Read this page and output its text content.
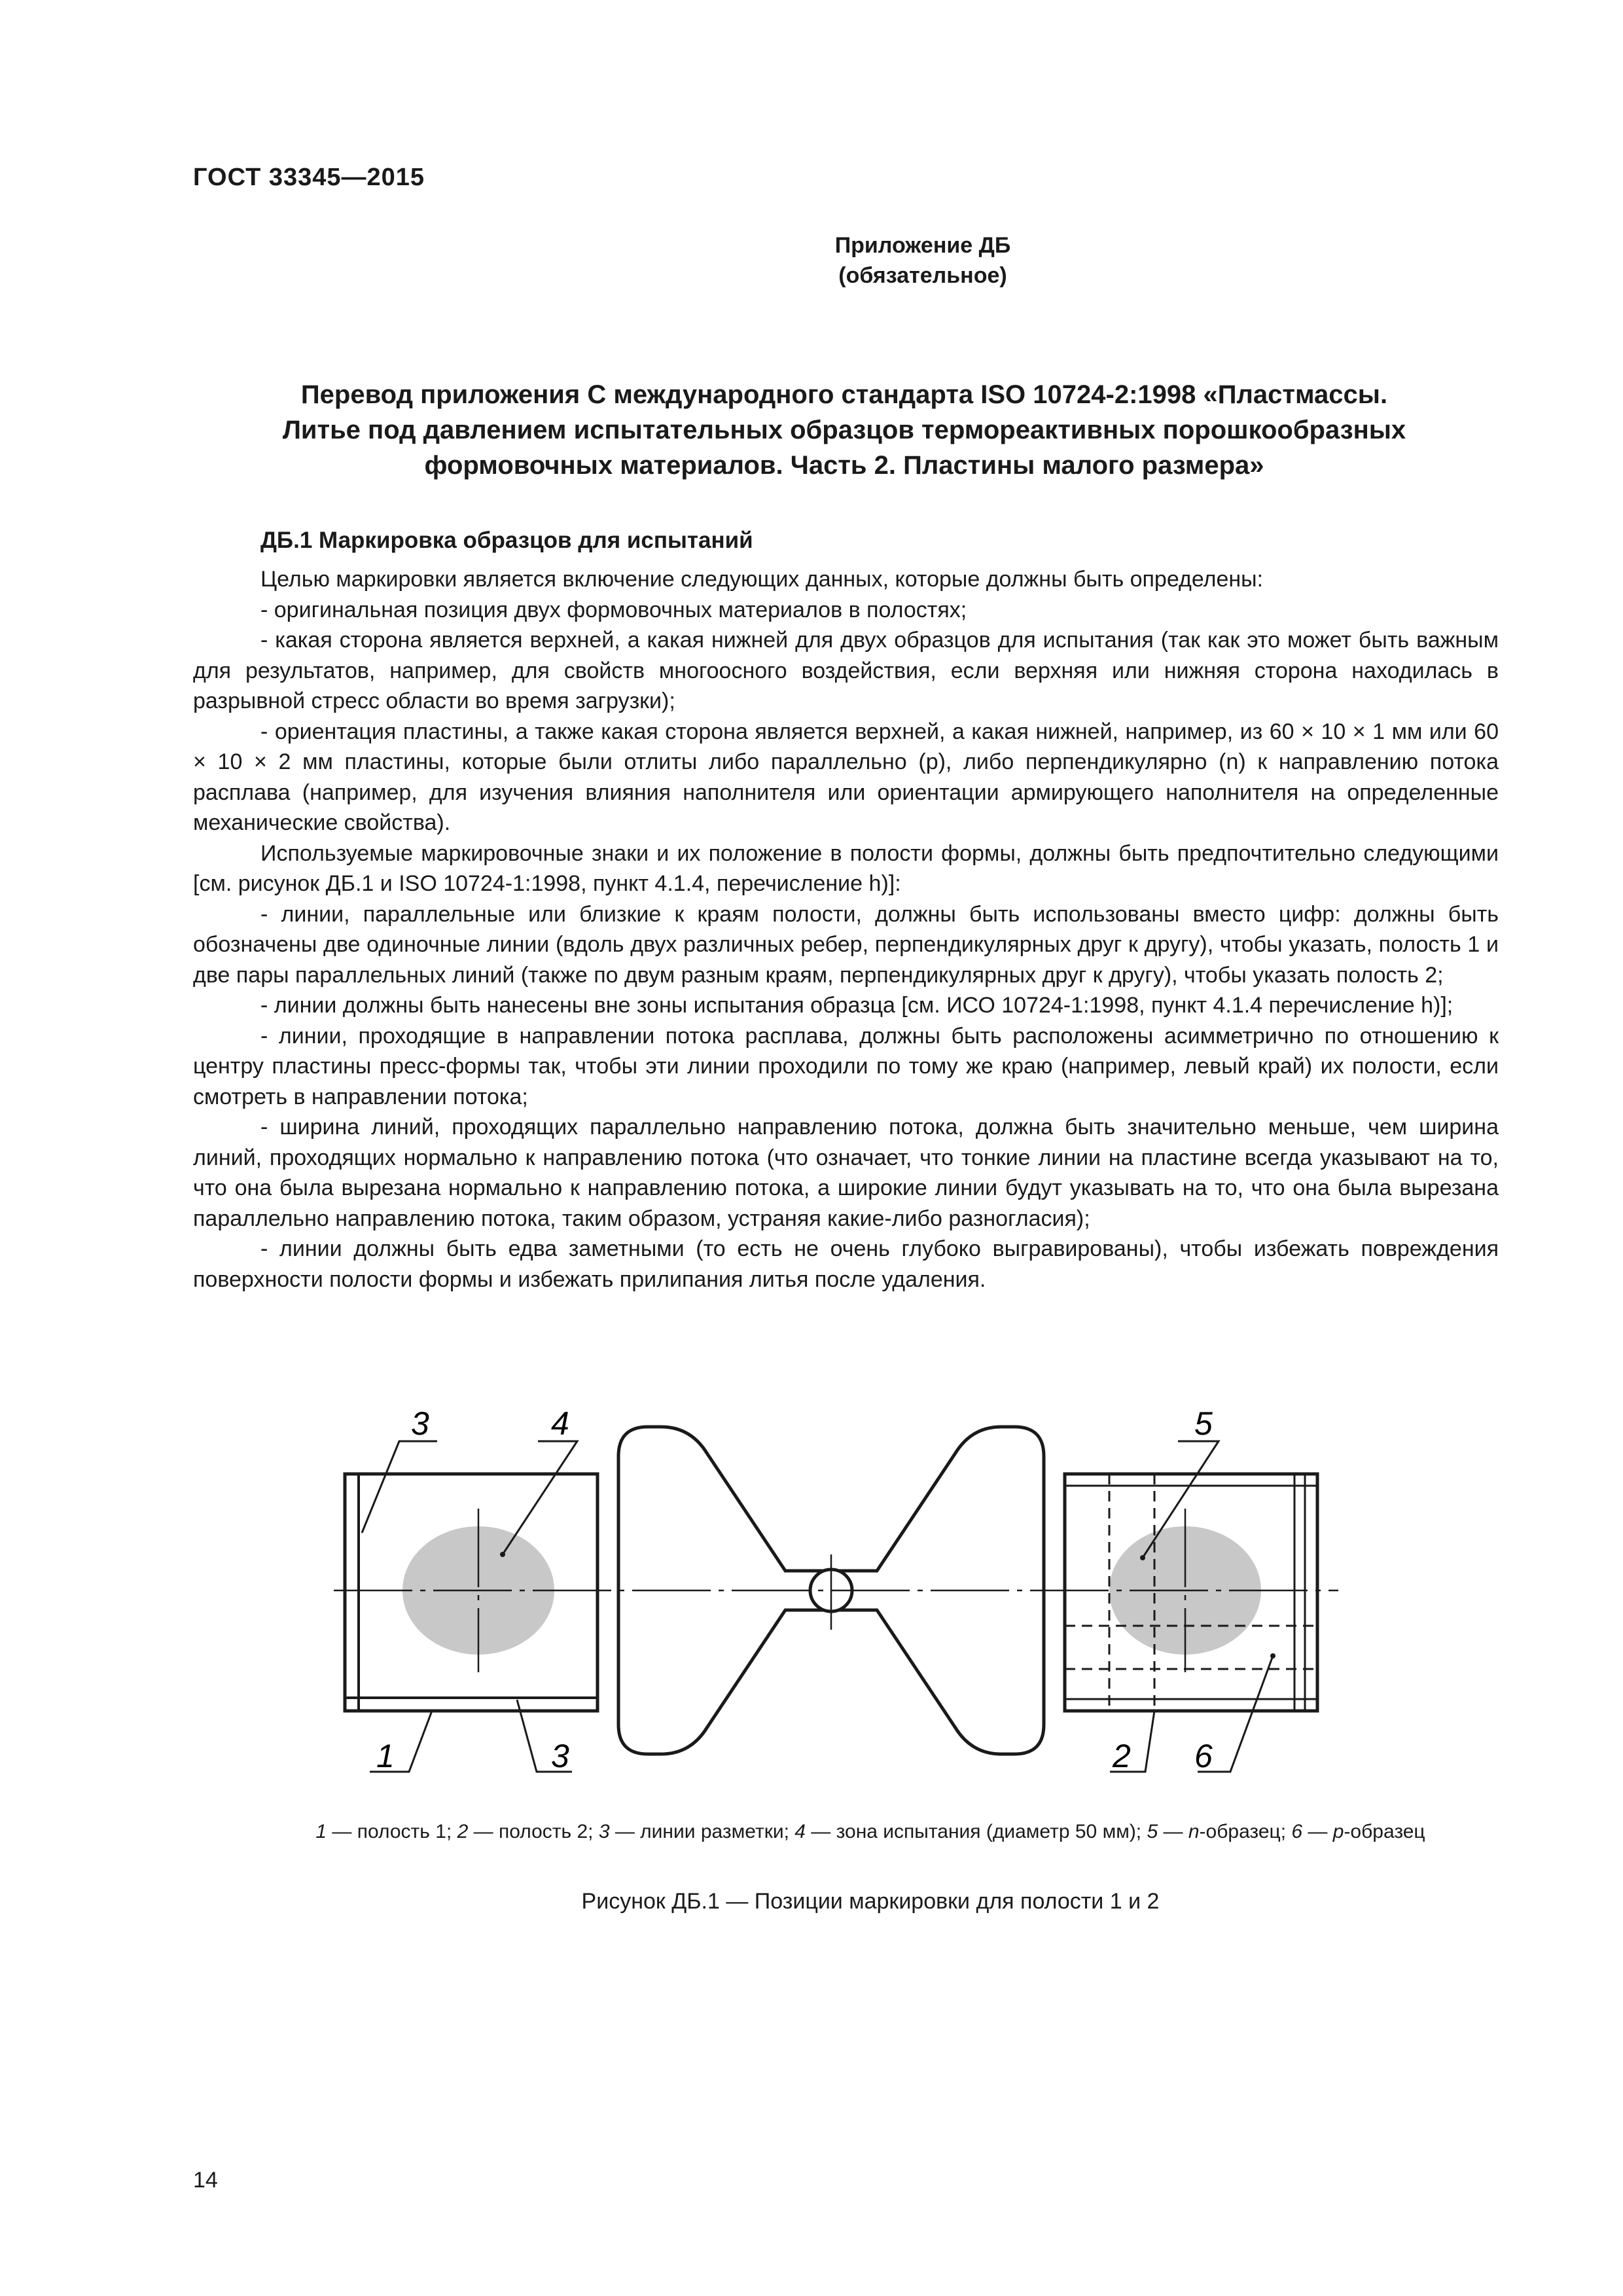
ГОСТ 33345—2015
Приложение ДБ
(обязательное)
Перевод приложения С международного стандарта ISO 10724-2:1998 «Пластмассы.
Литье под давлением испытательных образцов термореактивных порошкообразных
формовочных материалов. Часть 2. Пластины малого размера»
ДБ.1 Маркировка образцов для испытаний

Целью маркировки является включение следующих данных, которые должны быть определены:

- оригинальная позиция двух формовочных материалов в полостях;

- какая сторона является верхней, а какая нижней для двух образцов для испытания (так как это может быть важным для результатов, например, для свойств многоосного воздействия, если верхняя или нижняя сторона находилась в разрывной стресс области во время загрузки);

- ориентация пластины, а также какая сторона является верхней, а какая нижней, например, из 60 × 10 × 1 мм или 60 × 10 × 2 мм пластины, которые были отлиты либо параллельно (p), либо перпендикулярно (n) к направлению потока расплава (например, для изучения влияния наполнителя или ориентации армирующего наполнителя на определенные механические свойства).

Используемые маркировочные знаки и их положение в полости формы, должны быть предпочтительно следующими [см. рисунок ДБ.1 и ISO 10724-1:1998, пункт 4.1.4, перечисление h)]:

- линии, параллельные или близкие к краям полости, должны быть использованы вместо цифр: должны быть обозначены две одиночные линии (вдоль двух различных ребер, перпендикулярных друг к другу), чтобы указать, полость 1 и две пары параллельных линий (также по двум разным краям, перпендикулярных друг к другу), чтобы указать полость 2;

- линии должны быть нанесены вне зоны испытания образца [см. ИСО 10724-1:1998, пункт 4.1.4 перечисление h)];

- линии, проходящие в направлении потока расплава, должны быть расположены асимметрично по отношению к центру пластины пресс-формы так, чтобы эти линии проходили по тому же краю (например, левый край) их полости, если смотреть в направлении потока;

- ширина линий, проходящих параллельно направлению потока, должна быть значительно меньше, чем ширина линий, проходящих нормально к направлению потока (что означает, что тонкие линии на пластине всегда указывают на то, что она была вырезана нормально к направлению потока, а широкие линии будут указывать на то, что она была вырезана параллельно направлению потока, таким образом, устраняя какие-либо разногласия);

- линии должны быть едва заметными (то есть не очень глубоко выгравированы), чтобы избежать повреждения поверхности полости формы и избежать прилипания литья после удаления.

3	4	5
1	3	2 6
1 — полость 1; 2 — полость 2; 3 — линии разметки; 4 — зона испытания (диаметр 50 мм); 5 — n-образец; 6 — p-образец
Рисунок ДБ.1 — Позиции маркировки для полости 1 и 2
14
